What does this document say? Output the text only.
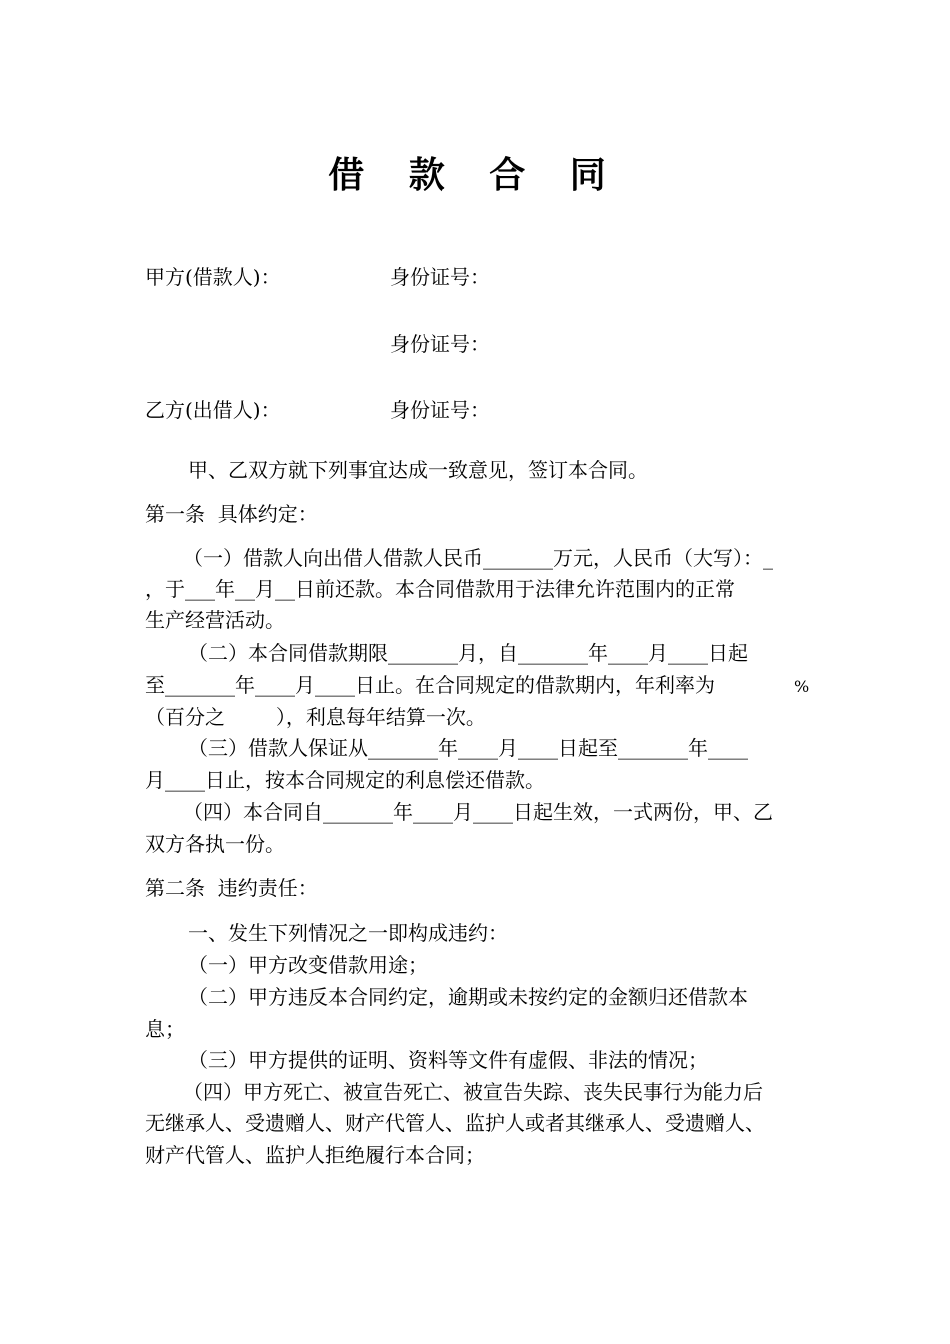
借 款 合 同
甲方(借款人)：	身份证号：
身份证号：
乙方(出借人)：	身份证号：
甲、乙双方就下列事宜达成一致意见，签订本合同。
第一条  具体约定：
（一）借款人向出借人借款人民币_______万元，人民币（大写）：_
，于___年__月__日前还款。本合同借款用于法律允许范围内的正常
生产经营活动。
（二）本合同借款期限_______月，自_______年____月____日起
至_______年____月____日止。在合同规定的借款期内，年利率为	%
（百分之        ），利息每年结算一次。
（三）借款人保证从_______年____月____日起至_______年____
月____日止，按本合同规定的利息偿还借款。
（四）本合同自_______年____月____日起生效，一式两份，甲、乙
双方各执一份。
第二条  违约责任：
一、发生下列情况之一即构成违约：
（一）甲方改变借款用途；
（二）甲方违反本合同约定，逾期或未按约定的金额归还借款本
息；
（三）甲方提供的证明、资料等文件有虚假、非法的情况；
（四）甲方死亡、被宣告死亡、被宣告失踪、丧失民事行为能力后
无继承人、受遗赠人、财产代管人、监护人或者其继承人、受遗赠人、
财产代管人、监护人拒绝履行本合同；
